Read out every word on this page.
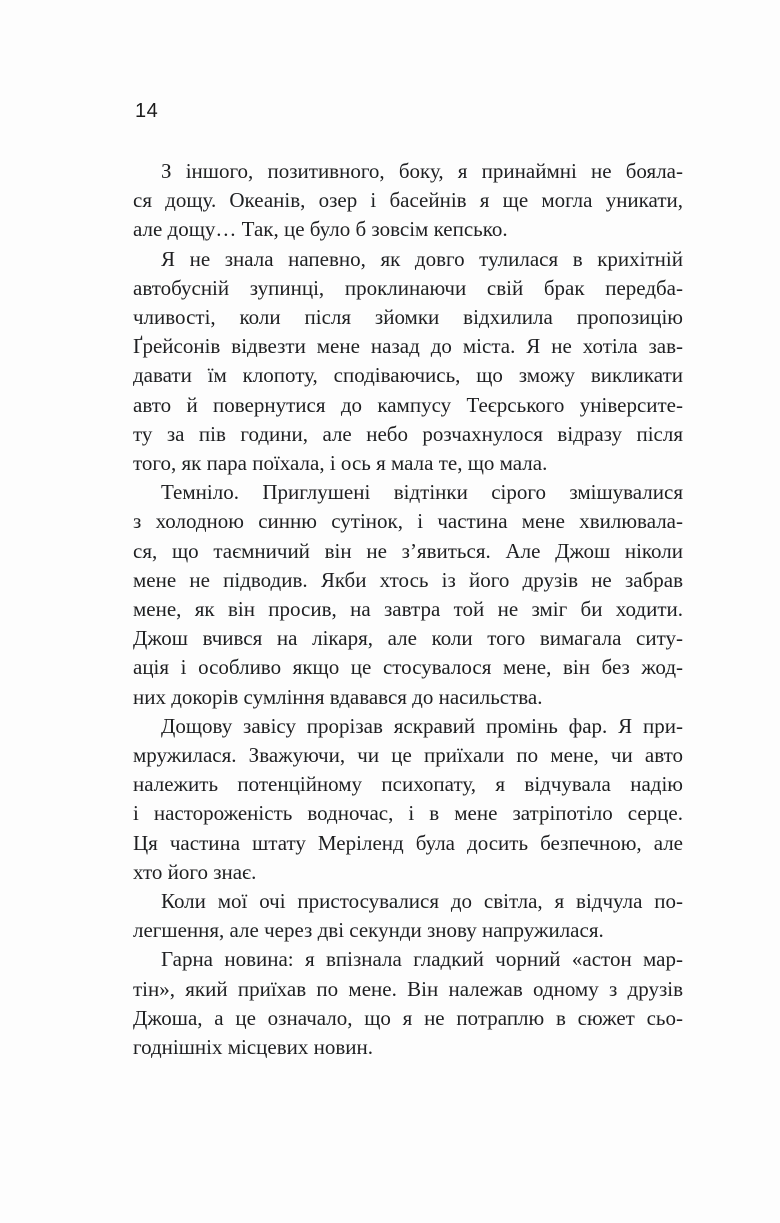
14
З іншого, позитивного, боку, я принаймні не бояла-
ся дощу. Океанів, озер і басейнів я ще могла уникати,
але дощу… Так, це було б зовсім кепсько.
Я не знала напевно, як довго тулилася в крихітній
автобусній зупинці, проклинаючи свій брак передба-
чливості, коли після зйомки відхилила пропозицію
Ґрейсонів відвезти мене назад до міста. Я не хотіла зав-
давати їм клопоту, сподіваючись, що зможу викликати
авто й повернутися до кампусу Теєрського університе-
ту за пів години, але небо розчахнулося відразу після
того, як пара поїхала, і ось я мала те, що мала.
Темніло. Приглушені відтінки сірого змішувалися
з холодною синню сутінок, і частина мене хвилювала-
ся, що таємничий він не з’явиться. Але Джош ніколи
мене не підводив. Якби хтось із його друзів не забрав
мене, як він просив, на завтра той не зміг би ходити.
Джош вчився на лікаря, але коли того вимагала ситу-
ація і особливо якщо це стосувалося мене, він без жод-
них докорів сумління вдавався до насильства.
Дощову завісу прорізав яскравий промінь фар. Я при-
мружилася. Зважуючи, чи це приїхали по мене, чи авто
належить потенційному психопату, я відчувала надію
і настороженість водночас, і в мене затріпотіло серце.
Ця частина штату Меріленд була досить безпечною, але
хто його знає.
Коли мої очі пристосувалися до світла, я відчула по-
легшення, але через дві секунди знову напружилася.
Гарна новина: я впізнала гладкий чорний «астон мар-
тін», який приїхав по мене. Він належав одному з друзів
Джоша, а це означало, що я не потраплю в сюжет сьо-
годнішніх місцевих новин.
